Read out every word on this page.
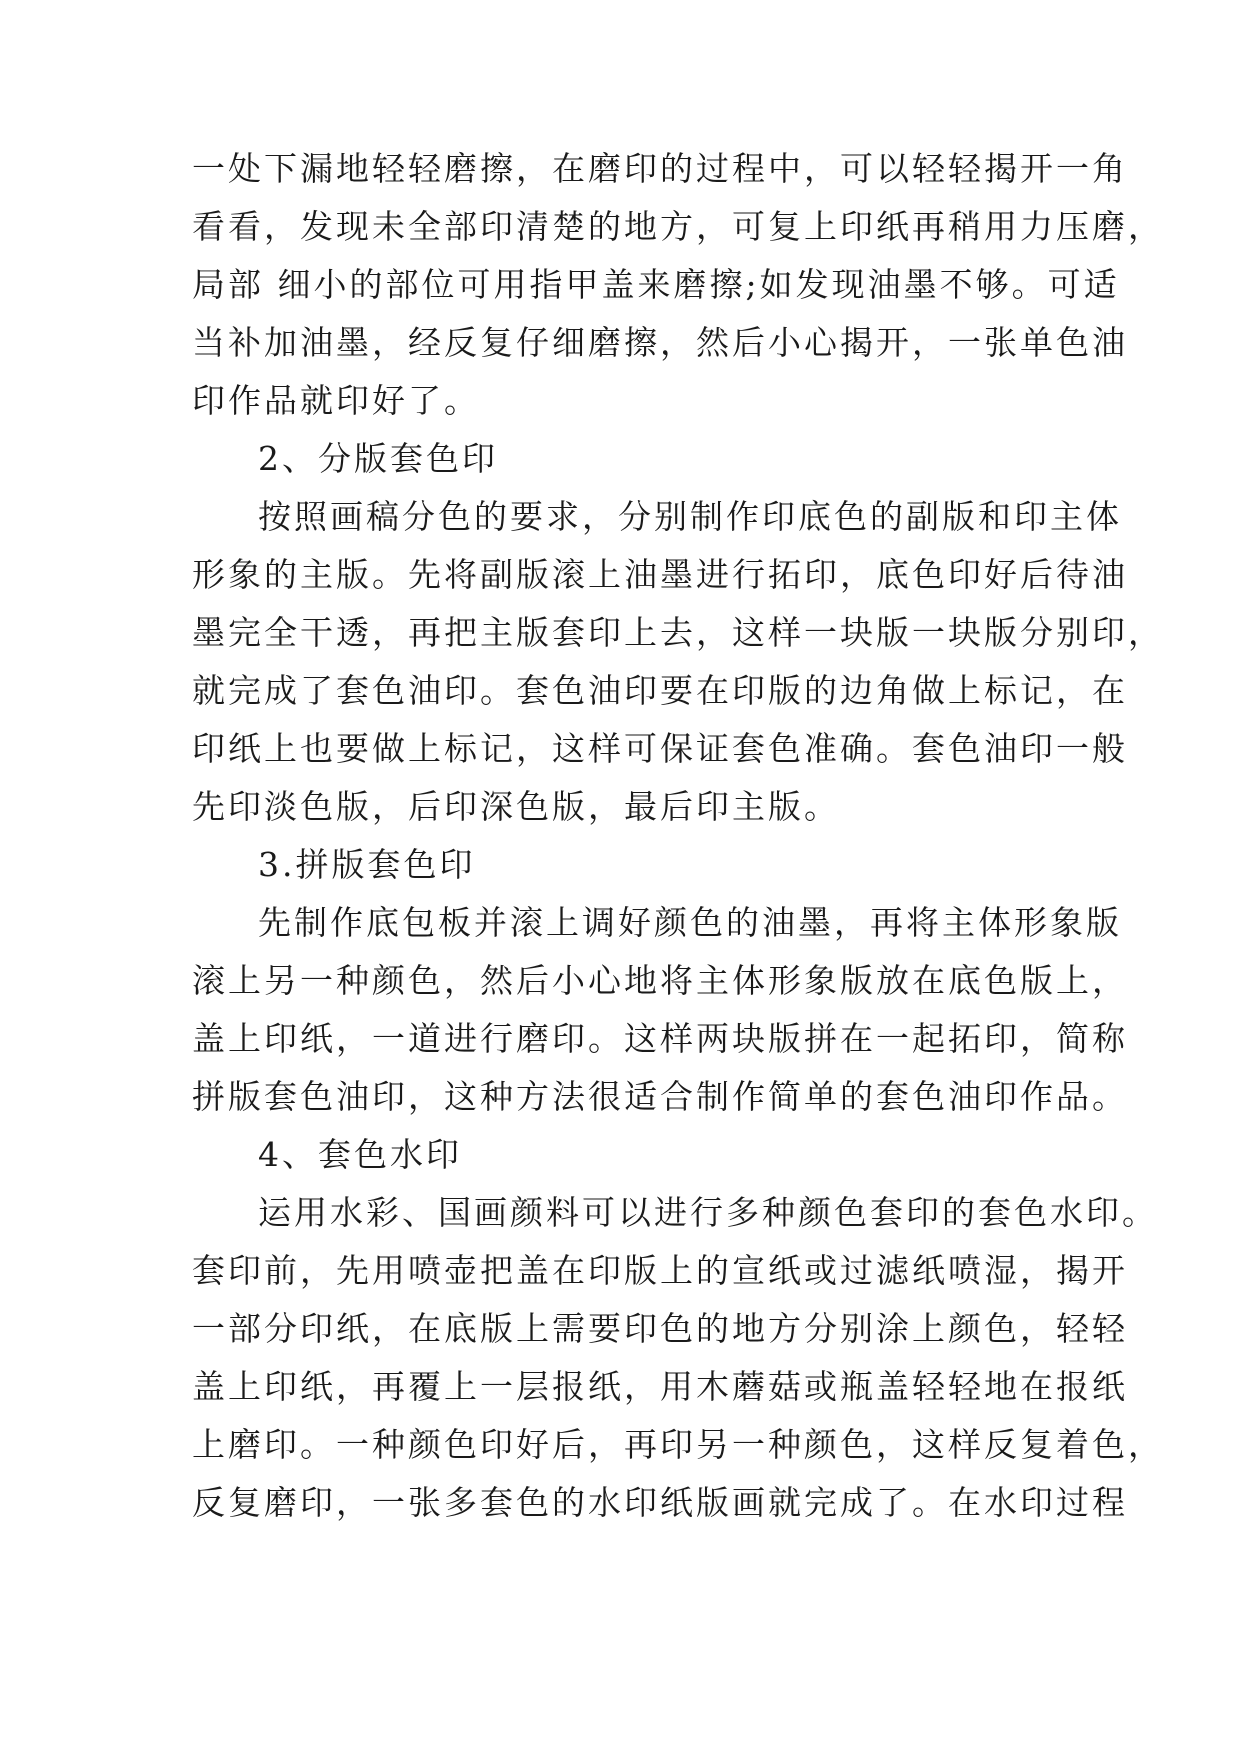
一处下漏地轻轻磨擦，在磨印的过程中，可以轻轻揭开一角
看看，发现未全部印清楚的地方，可复上印纸再稍用力压磨，
局部 细小的部位可用指甲盖来磨擦;如发现油墨不够。可适
当补加油墨，经反复仔细磨擦，然后小心揭开，一张单色油
印作品就印好了。
2、分版套色印
按照画稿分色的要求，分别制作印底色的副版和印主体
形象的主版。先将副版滚上油墨进行拓印，底色印好后待油
墨完全干透，再把主版套印上去，这样一块版一块版分别印，
就完成了套色油印。套色油印要在印版的边角做上标记，在
印纸上也要做上标记，这样可保证套色准确。套色油印一般
先印淡色版，后印深色版，最后印主版。
3.拼版套色印
先制作底包板并滚上调好颜色的油墨，再将主体形象版
滚上另一种颜色，然后小心地将主体形象版放在底色版上，
盖上印纸，一道进行磨印。这样两块版拼在一起拓印，简称
拼版套色油印，这种方法很适合制作简单的套色油印作品。
4、套色水印
运用水彩、国画颜料可以进行多种颜色套印的套色水印。
套印前，先用喷壶把盖在印版上的宣纸或过滤纸喷湿，揭开
一部分印纸，在底版上需要印色的地方分别涂上颜色，轻轻
盖上印纸，再覆上一层报纸，用木蘑菇或瓶盖轻轻地在报纸
上磨印。一种颜色印好后，再印另一种颜色，这样反复着色，
反复磨印，一张多套色的水印纸版画就完成了。在水印过程
